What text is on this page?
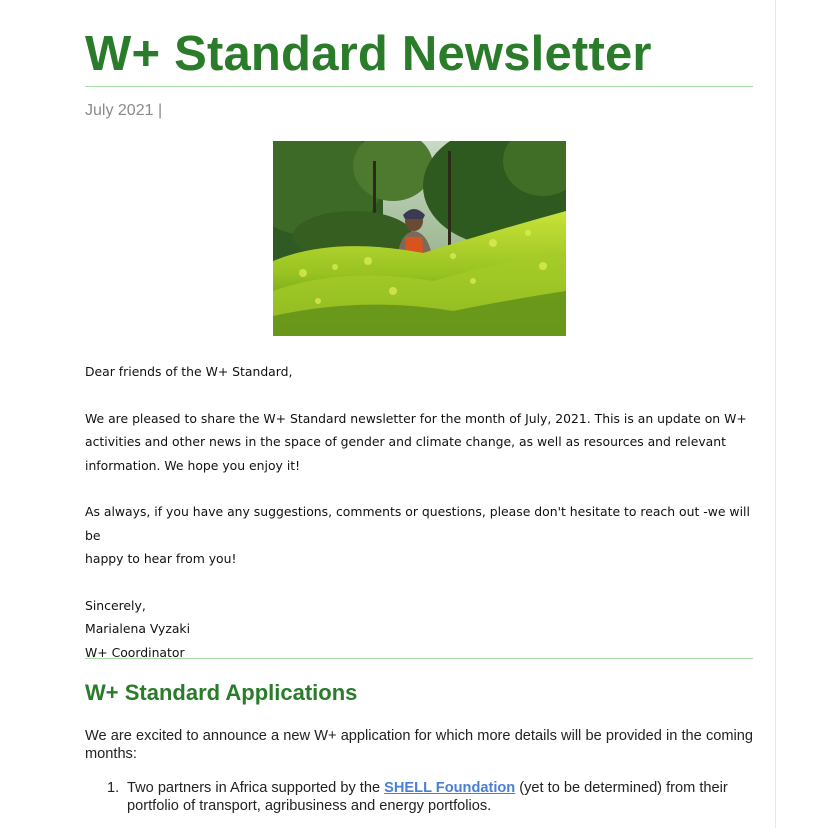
W+ Standard Newsletter
July 2021 |

Dear friends of the W+ Standard,

We are pleased to share the W+ Standard newsletter for the month of July, 2021. This is an update on W+

activities and other news in the space of gender and climate change, as well as resources and relevant

information. We hope you enjoy it!

As always, if you have any suggestions, comments or questions, please don't hesitate to reach out -we will be

happy to hear from you!

Sincerely,

Marialena Vyzaki

W+ Coordinator

W+ Standard Applications
We are excited to announce a new W+ application for which more details will be provided in the coming months:
1. Two partners in Africa supported by the SHELL Foundation (yet to be determined) from their portfolio of transport, agribusiness and energy portfolios.
